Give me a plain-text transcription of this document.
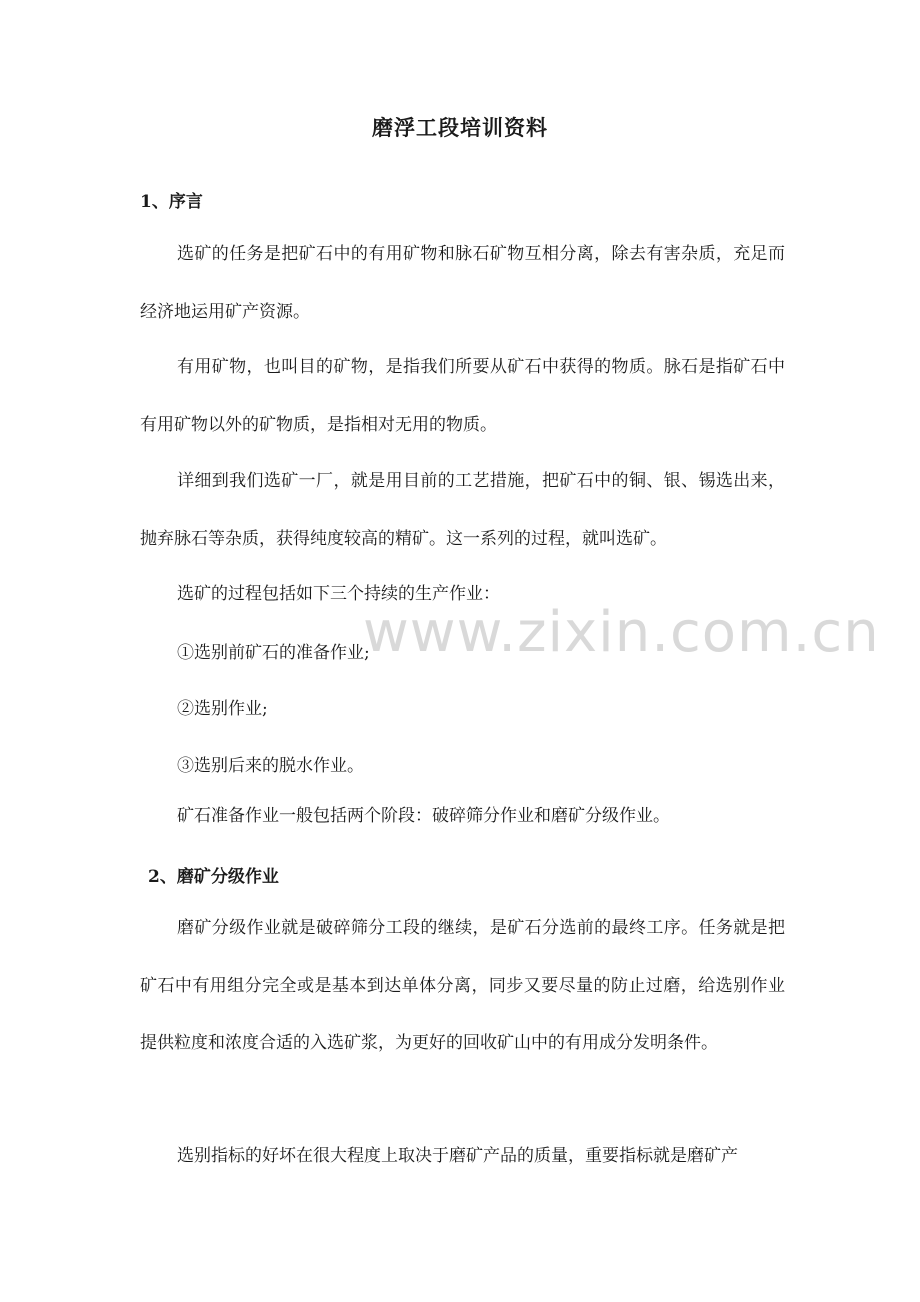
磨浮工段培训资料
1、序言

选矿的任务是把矿石中的有用矿物和脉石矿物互相分离，除去有害杂质，充足而经济地运用矿产资源。

有用矿物，也叫目的矿物，是指我们所要从矿石中获得的物质。脉石是指矿石中有用矿物以外的矿物质，是指相对无用的物质。

详细到我们选矿一厂，就是用目前的工艺措施，把矿石中的铜、银、锡选出来，抛弃脉石等杂质，获得纯度较高的精矿。这一系列的过程，就叫选矿。

选矿的过程包括如下三个持续的生产作业：

①选别前矿石的准备作业;
②选别作业;
③选别后来的脱水作业。

矿石准备作业一般包括两个阶段：破碎筛分作业和磨矿分级作业。

2、磨矿分级作业

磨矿分级作业就是破碎筛分工段的继续，是矿石分选前的最终工序。任务就是把矿石中有用组分完全或是基本到达单体分离，同步又要尽量的防止过磨，给选别作业提供粒度和浓度合适的入选矿浆，为更好的回收矿山中的有用成分发明条件。

选别指标的好坏在很大程度上取决于磨矿产品的质量，重要指标就是磨矿产

www.zixin.com.cn
